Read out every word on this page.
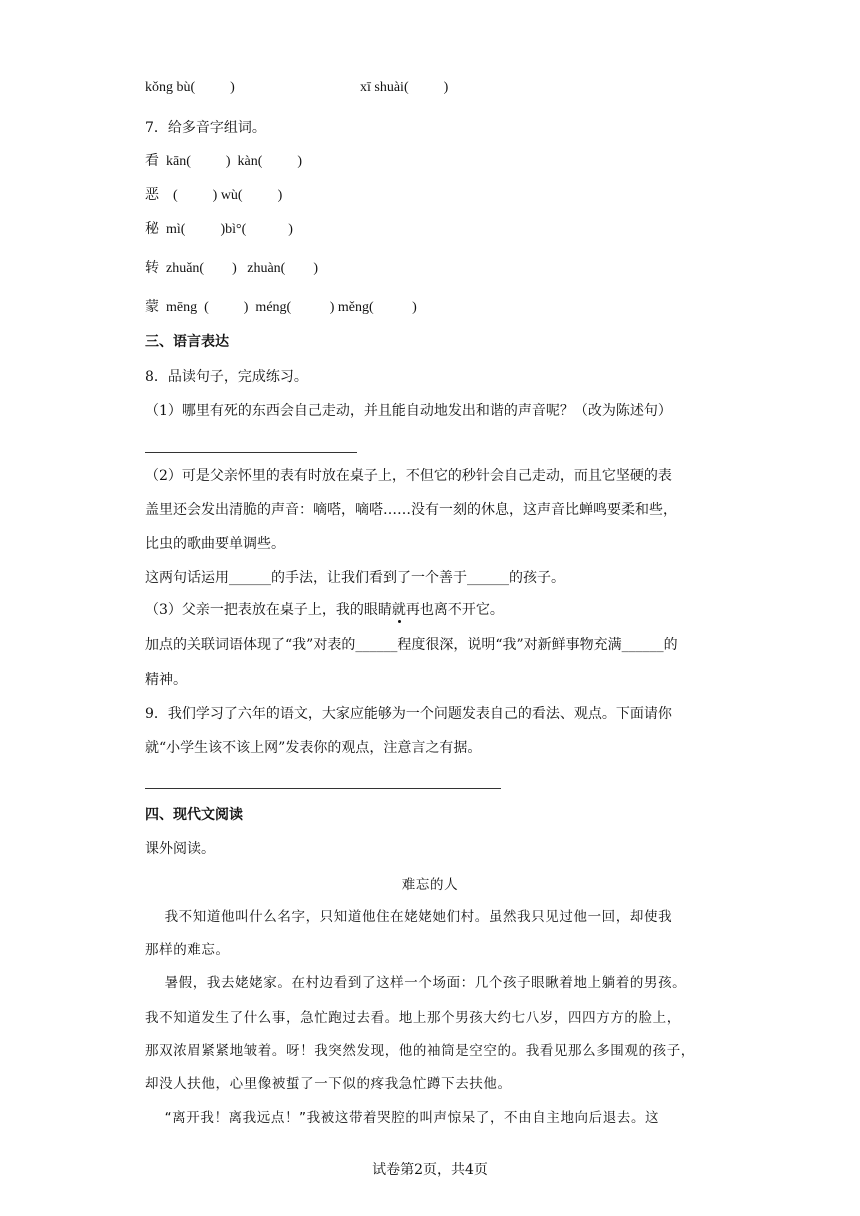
kǒng bù(          )	xī shuài(          )
7．给多音字组词。
看  kān(          )  kàn(          )
恶    (          ) wù(          )
秘  mì(          )bì°(            )
转  zhuǎn(        )   zhuàn(        )
蒙  mēng  (          )  méng(           ) měng(           )
三、语言表达
8．品读句子，完成练习。
（1）哪里有死的东西会自己走动，并且能自动地发出和谐的声音呢？（改为陈述句）
（2）可是父亲怀里的表有时放在桌子上，不但它的秒针会自己走动，而且它坚硬的表
盖里还会发出清脆的声音：嘀嗒，嘀嗒……没有一刻的休息，这声音比蝉鸣要柔和些，
比虫的歌曲要单调些。
这两句话运用______的手法，让我们看到了一个善于______的孩子。
（3）父亲一把表放在桌子上，我的眼睛就再也离不开它。
加点的关联词语体现了“我”对表的______程度很深，说明“我”对新鲜事物充满______的
精神。
9．我们学习了六年的语文，大家应能够为一个问题发表自己的看法、观点。下面请你
就“小学生该不该上网”发表你的观点，注意言之有据。
四、现代文阅读
课外阅读。
难忘的人
我不知道他叫什么名字，只知道他住在姥姥她们村。虽然我只见过他一回，却使我
那样的难忘。
暑假，我去姥姥家。在村边看到了这样一个场面：几个孩子眼瞅着地上躺着的男孩。
我不知道发生了什么事，急忙跑过去看。地上那个男孩大约七八岁，四四方方的脸上，
那双浓眉紧紧地皱着。呀！我突然发现，他的袖筒是空空的。我看见那么多围观的孩子，
却没人扶他，心里像被蜇了一下似的疼我急忙蹲下去扶他。
“离开我！离我远点！”我被这带着哭腔的叫声惊呆了，不由自主地向后退去。这
试卷第2页，共4页
